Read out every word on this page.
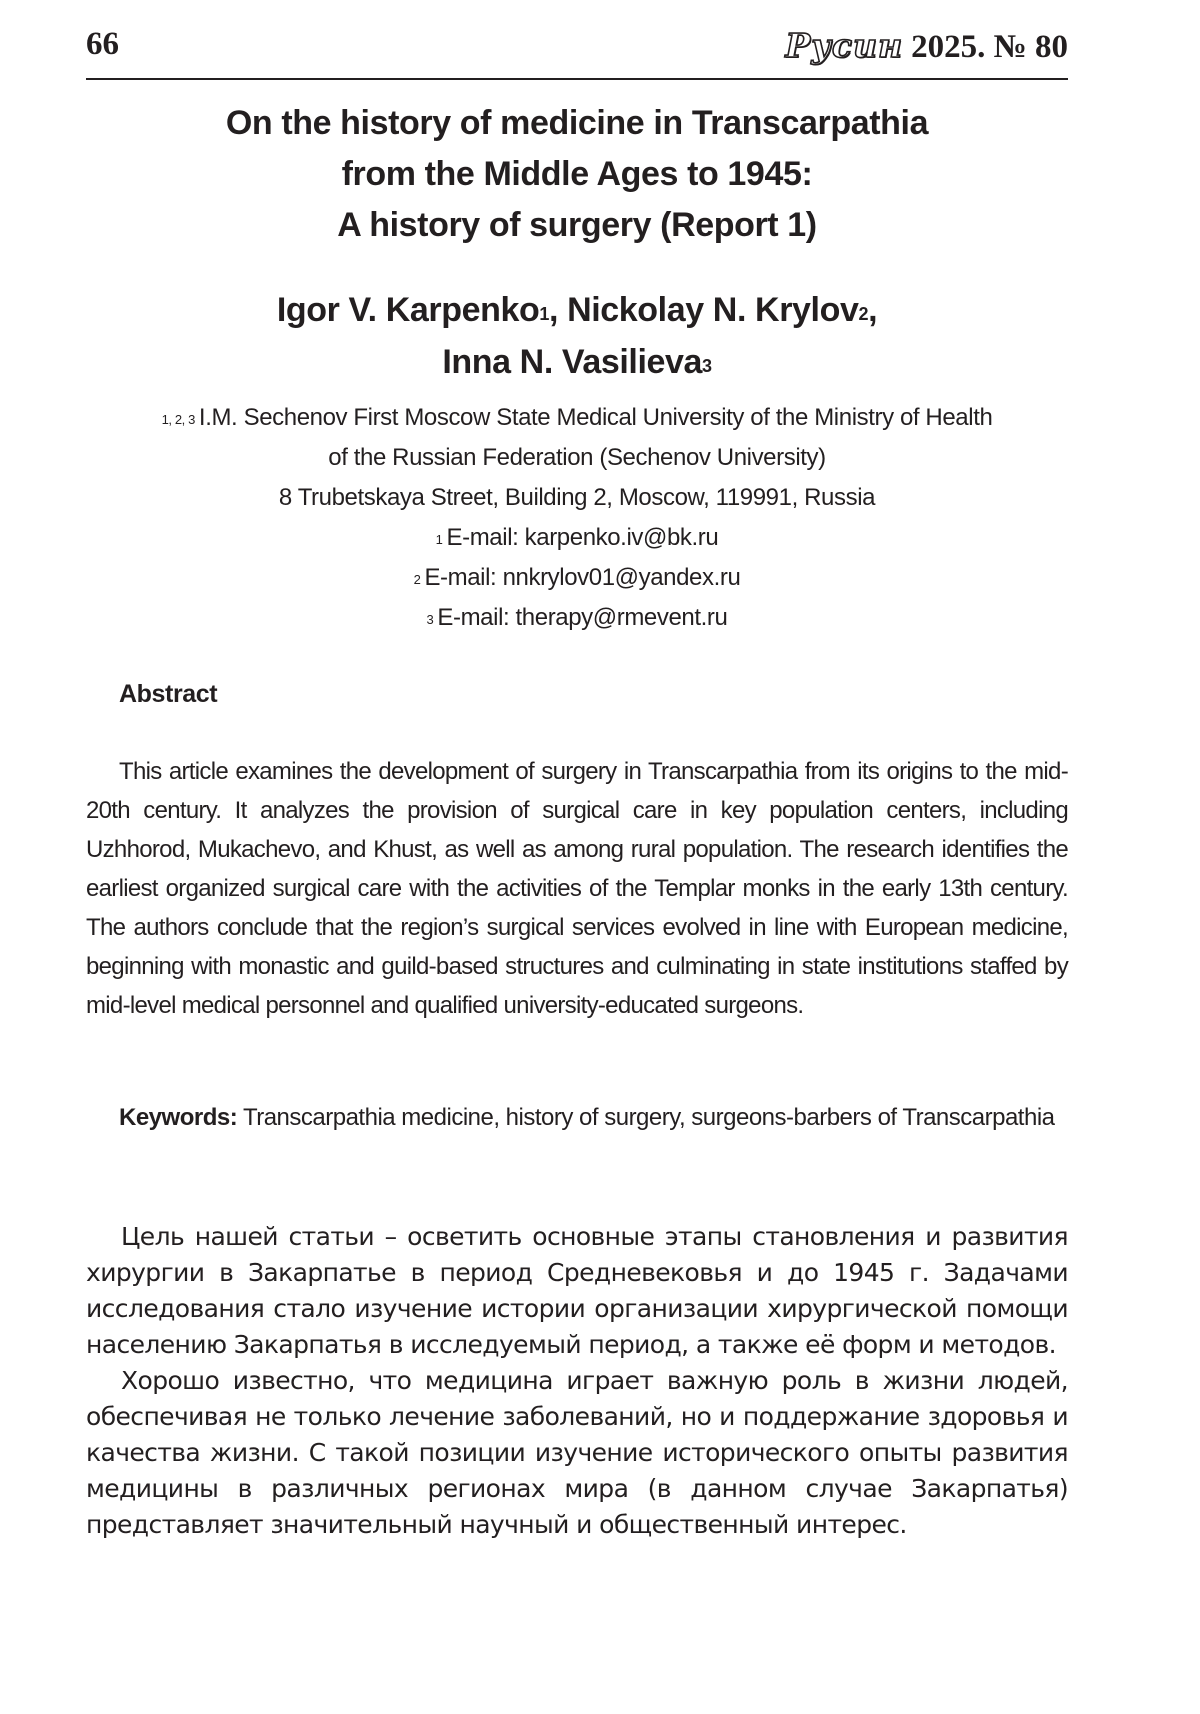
66	Русин 2025. № 80
On the history of medicine in Transcarpathia
from the Middle Ages to 1945:
A history of surgery (Report 1)

Igor V. Karpenko$^1$, Nickolay N. Krylov$^2$,
Inna N. Vasilieva$^3$

$^{1, 2, 3}$ I.M. Sechenov First Moscow State Medical University of the Ministry of Health
of the Russian Federation (Sechenov University)
8 Trubetskaya Street, Building 2, Moscow, 119991, Russia
$^1$ E-mail: karpenko.iv@bk.ru
$^2$ E-mail: nnkrylov01@yandex.ru
$^3$ E-mail: therapy@rmevent.ru
Abstract

This article examines the development of surgery in Transcarpathia from its origins to the mid-20th century. It analyzes the provision of surgical care in key population centers, including Uzhhorod, Mukachevo, and Khust, as well as among rural population. The research identifies the earliest organized surgical care with the activities of the Templar monks in the early 13th century. The authors conclude that the region’s surgical services evolved in line with European medicine, beginning with monastic and guild-based structures and culminating in state institutions staffed by mid-level medical personnel and qualified university-educated surgeons.

Keywords: Transcarpathia medicine, history of surgery, surgeons-barbers of Transcarpathia

Цель нашей статьи – осветить основные этапы становления и развития хирургии в Закарпатье в период Средневековья и до 1945 г. Задачами исследования стало изучение истории организации хирургической помощи населению Закарпатья в исследуемый период, а также её форм и методов.

Хорошо известно, что медицина играет важную роль в жизни людей, обеспечивая не только лечение заболеваний, но и поддержание здоровья и качества жизни. С такой позиции изучение исторического опыты развития медицины в различных регионах мира (в данном случае Закарпатья) представляет значительный научный и общественный интерес.
